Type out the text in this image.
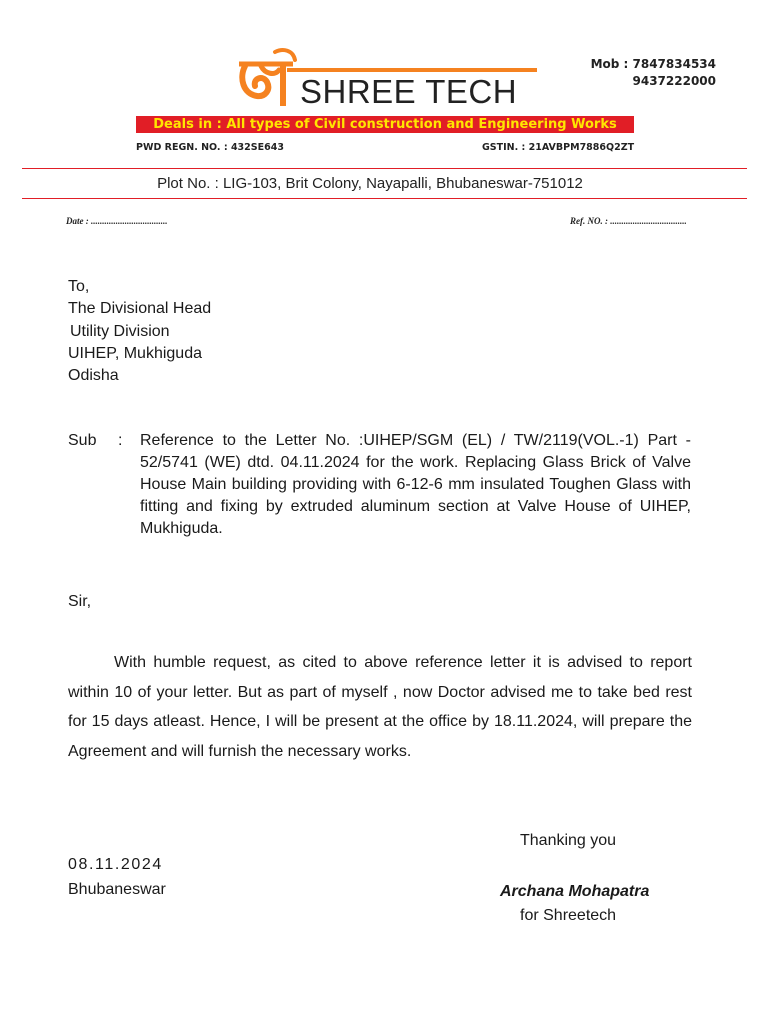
SHREE TECH
Mob : 7847834534
9437222000
Deals in : All types of Civil construction and Engineering Works
PWD REGN. NO. : 432SE643	GSTIN. : 21AVBPM7886Q2ZT
Plot No. : LIG-103, Brit Colony, Nayapalli, Bhubaneswar-751012
Date : ..................................	Ref. NO. : ..................................
To,
The Divisional Head
Utility Division
UIHEP, Mukhiguda
Odisha
Sub : Reference to the Letter No. :UIHEP/SGM (EL) / TW/2119(VOL.-1) Part - 52/5741 (WE) dtd. 04.11.2024 for the work. Replacing Glass Brick of Valve House Main building providing with 6-12-6 mm insulated Toughen Glass with fitting and fixing by extruded aluminum section at Valve House of UIHEP, Mukhiguda.
Sir,
With humble request, as cited to above reference letter it is advised to report within 10 of your letter. But as part of myself , now Doctor advised me to take bed rest for 15 days atleast. Hence, I will be present at the office by 18.11.2024, will prepare the Agreement and will furnish the necessary works.
Thanking you
08.11.2024
Bhubaneswar	Archana Mohapatra
for Shreetech
